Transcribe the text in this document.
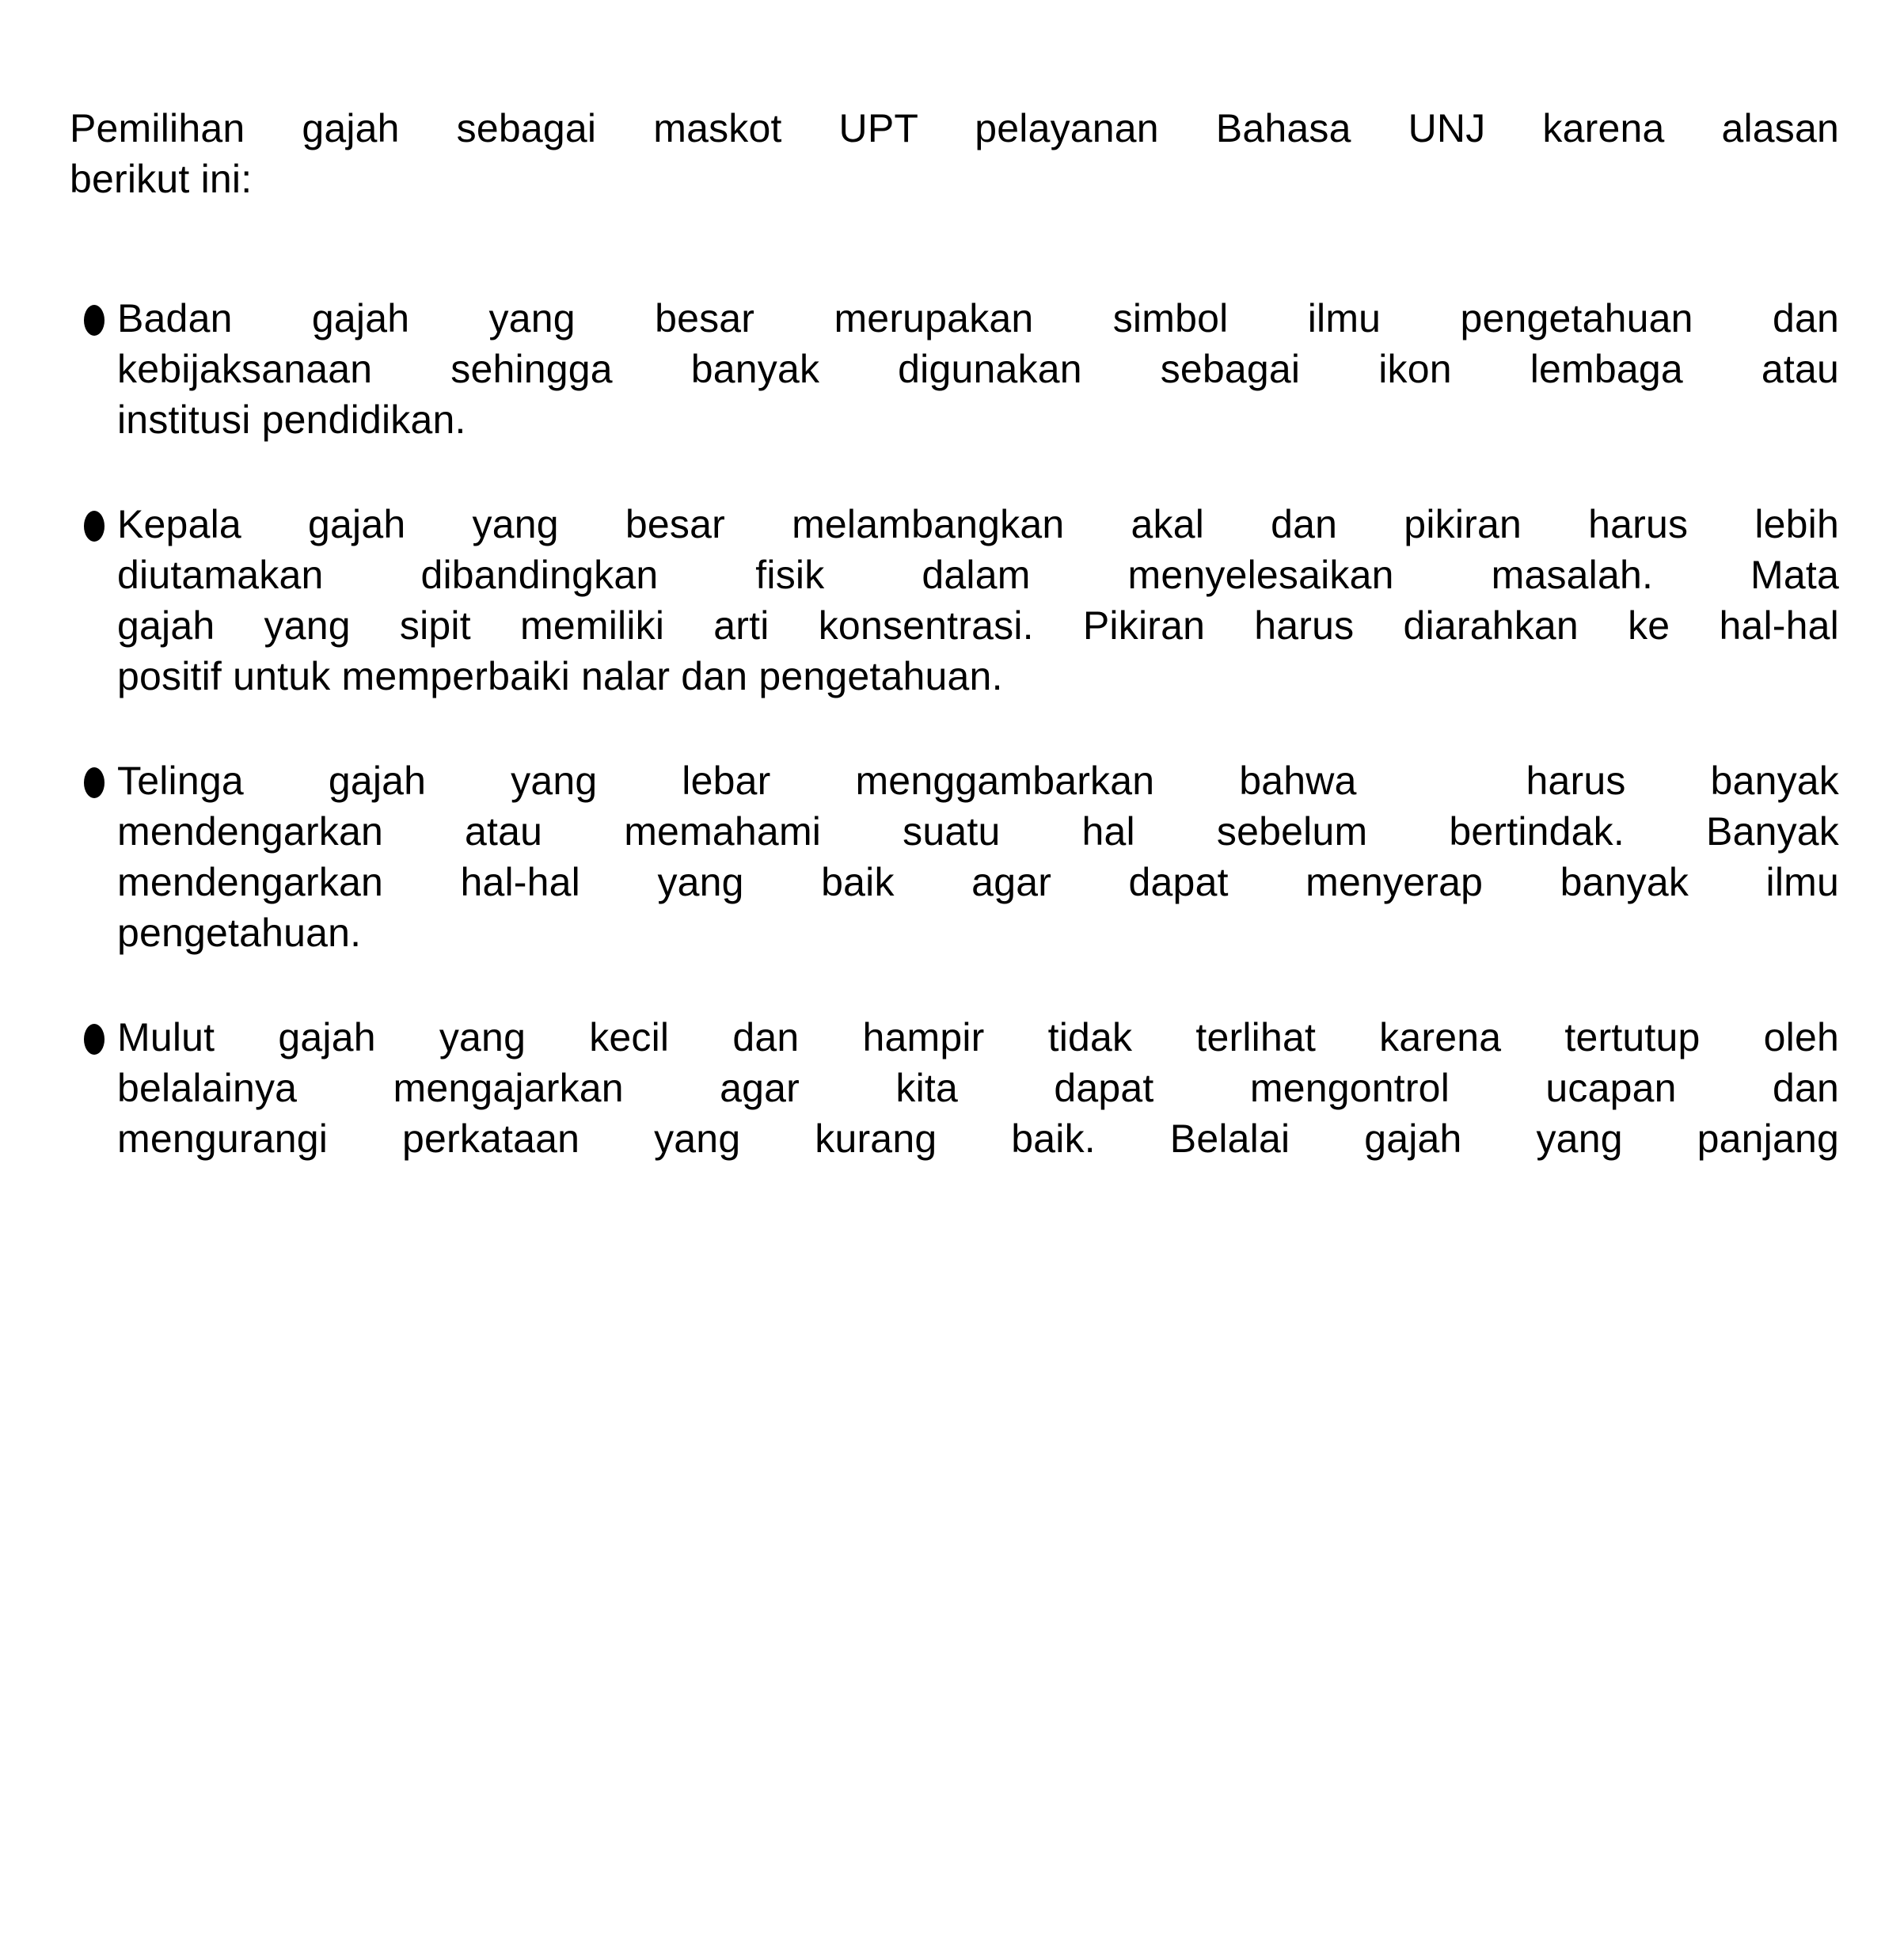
Pemilihan gajah sebagai maskot UPT pelayanan Bahasa UNJ karena alasan
berikut ini:
Badan gajah yang besar merupakan simbol ilmu pengetahuan dan
kebijaksanaan sehingga banyak digunakan sebagai ikon lembaga atau
institusi pendidikan.
Kepala gajah yang besar melambangkan akal dan pikiran harus lebih
diutamakan dibandingkan fisik dalam menyelesaikan masalah. Mata
gajah yang sipit memiliki arti konsentrasi. Pikiran harus diarahkan ke hal-hal
positif untuk memperbaiki nalar dan pengetahuan.
Telinga gajah yang lebar menggambarkan bahwa  harus banyak
mendengarkan atau memahami suatu hal sebelum bertindak. Banyak
mendengarkan hal-hal yang baik agar dapat menyerap banyak ilmu
pengetahuan.
Mulut gajah yang kecil dan hampir tidak terlihat karena tertutup oleh
belalainya mengajarkan agar kita dapat mengontrol ucapan dan
mengurangi perkataan yang kurang baik. Belalai gajah yang panjang
